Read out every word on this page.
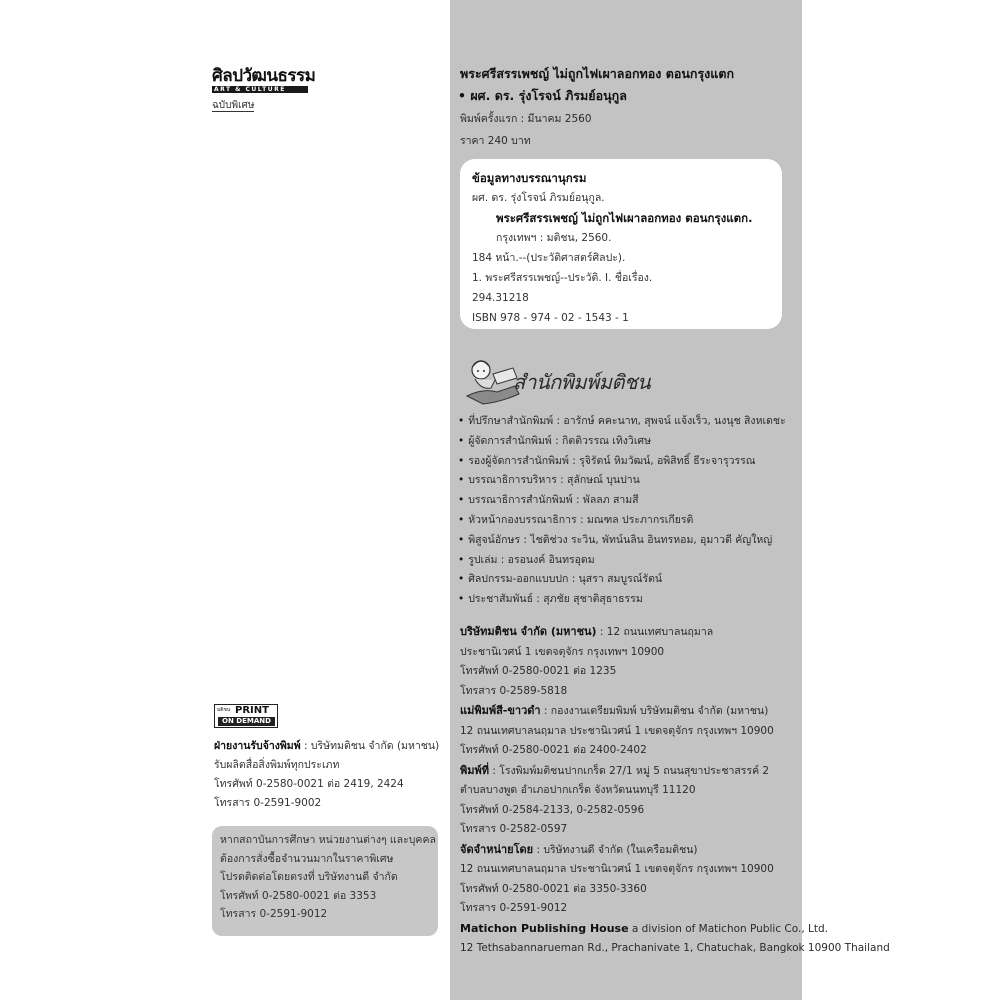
ศิลปวัฒนธรรม
ART & CULTURE
ฉบับพิเศษ
มติชน PRINT
ON DEMAND
ฝ่ายงานรับจ้างพิมพ์ : บริษัทมติชน จำกัด (มหาชน)
รับผลิตสื่อสิ่งพิมพ์ทุกประเภท
โทรศัพท์ 0-2580-0021 ต่อ 2419, 2424
โทรสาร 0-2591-9002
หากสถาบันการศึกษา หน่วยงานต่างๆ และบุคคล
ต้องการสั่งซื้อจำนวนมากในราคาพิเศษ
โปรดติดต่อโดยตรงที่ บริษัทงานดี จำกัด
โทรศัพท์ 0-2580-0021 ต่อ 3353
โทรสาร 0-2591-9012
พระศรีสรรเพชญ์ ไม่ถูกไฟเผาลอกทอง ตอนกรุงแตก
• ผศ. ดร. รุ่งโรจน์ ภิรมย์อนุกูล
พิมพ์ครั้งแรก : มีนาคม 2560
ราคา 240 บาท
ข้อมูลทางบรรณานุกรม
ผศ. ดร. รุ่งโรจน์ ภิรมย์อนุกูล.
พระศรีสรรเพชญ์ ไม่ถูกไฟเผาลอกทอง ตอนกรุงแตก.
กรุงเทพฯ : มติชน, 2560.
184 หน้า.--(ประวัติศาสตร์ศิลปะ).
1. พระศรีสรรเพชญ์--ประวัติ. I. ชื่อเรื่อง.
294.31218
ISBN 978 - 974 - 02 - 1543 - 1
สำนักพิมพ์มติชน
• ที่ปรึกษาสำนักพิมพ์ : อารักษ์ คคะนาท, สุพจน์ แจ้งเร็ว, นงนุช สิงหเดชะ
• ผู้จัดการสำนักพิมพ์ : กิตติวรรณ เทิงวิเศษ
• รองผู้จัดการสำนักพิมพ์ : รุจิรัตน์ หิมวัฒน์, อพิสิทธิ์ ธีระจารุวรรณ
• บรรณาธิการบริหาร : สุลักษณ์ บุนปาน
• บรรณาธิการสำนักพิมพ์ : พัลลภ สามสี
• หัวหน้ากองบรรณาธิการ : มณฑล ประภากรเกียรติ
• พิสูจน์อักษร : ไชติช่วง ระวิน, พัทน์นลิน อินทรหอม, อุมาวดี คัญใหญ่
• รูปเล่ม : อรอนงค์ อินทรอุดม
• ศิลปกรรม-ออกแบบปก : นุสรา สมบูรณ์รัตน์
• ประชาสัมพันธ์ : สุภชัย สุชาติสุธาธรรม
บริษัทมติชน จำกัด (มหาชน) : 12 ถนนเทศบาลนฤมาล
ประชานิเวศน์ 1 เขตจตุจักร กรุงเทพฯ 10900
โทรศัพท์ 0-2580-0021 ต่อ 1235
โทรสาร 0-2589-5818
แม่พิมพ์สี-ขาวดำ : กองงานเตรียมพิมพ์ บริษัทมติชน จำกัด (มหาชน)
12 ถนนเทศบาลนฤมาล ประชานิเวศน์ 1 เขตจตุจักร กรุงเทพฯ 10900
โทรศัพท์ 0-2580-0021 ต่อ 2400-2402
พิมพ์ที่ : โรงพิมพ์มติชนปากเกร็ด 27/1 หมู่ 5 ถนนสุขาประชาสรรค์ 2
ตำบลบางพูด อำเภอปากเกร็ด จังหวัดนนทบุรี 11120
โทรศัพท์ 0-2584-2133, 0-2582-0596
โทรสาร 0-2582-0597
จัดจำหน่ายโดย : บริษัทงานดี จำกัด (ในเครือมติชน)
12 ถนนเทศบาลนฤมาล ประชานิเวศน์ 1 เขตจตุจักร กรุงเทพฯ 10900
โทรศัพท์ 0-2580-0021 ต่อ 3350-3360
โทรสาร 0-2591-9012
Matichon Publishing House a division of Matichon Public Co., Ltd.
12 Tethsabannarueman Rd., Prachanivate 1, Chatuchak, Bangkok 10900 Thailand
